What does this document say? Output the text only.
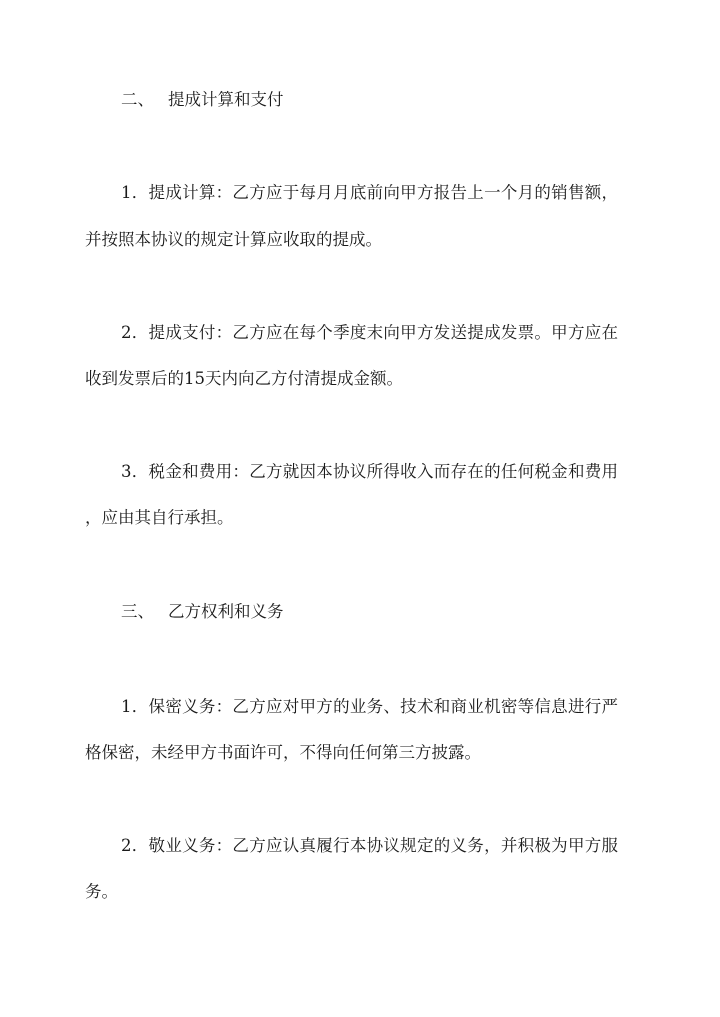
二、 提成计算和支付
1．提成计算：乙方应于每月月底前向甲方报告上一个月的销售额，
并按照本协议的规定计算应收取的提成。
2．提成支付：乙方应在每个季度末向甲方发送提成发票。甲方应在
收到发票后的15天内向乙方付清提成金额。
3．税金和费用：乙方就因本协议所得收入而存在的任何税金和费用
，应由其自行承担。
三、 乙方权利和义务
1．保密义务：乙方应对甲方的业务、技术和商业机密等信息进行严
格保密，未经甲方书面许可，不得向任何第三方披露。
2．敬业义务：乙方应认真履行本协议规定的义务，并积极为甲方服
务。
